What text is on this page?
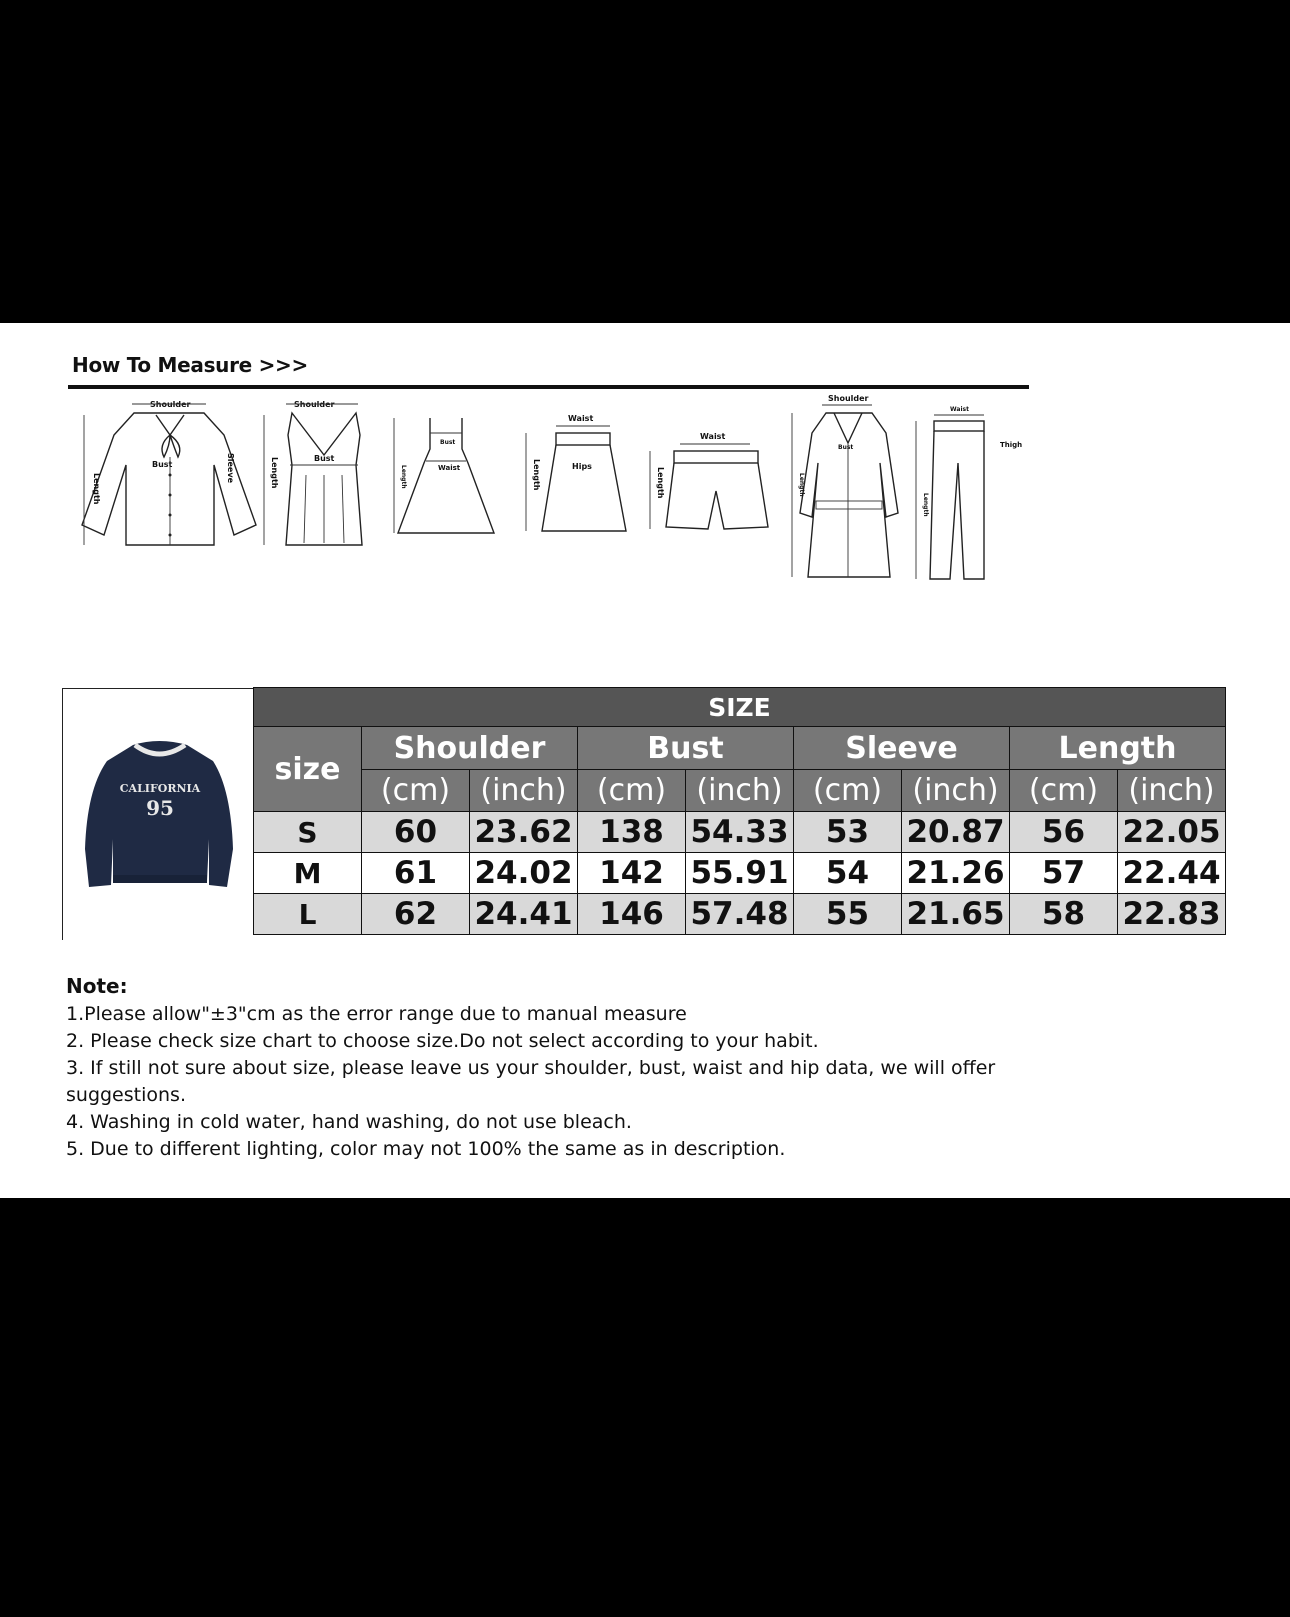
How To Measure >>>
Shoulder
Bust
Length
Sleeve
Shoulder
Bust
Length
Bust
Waist
Length
Waist
Hips
Length
Waist
Length
Shoulder
Bust
Length
Waist
Thigh
Length
CALIFORNIA
95
SIZE								
size	Shoulder		Bust		Sleeve		Length	
	(cm)	(inch)	(cm)	(inch)	(cm)	(inch)	(cm)	(inch)
S	60	23.62	138	54.33	53	20.87	56	22.05
M	61	24.02	142	55.91	54	21.26	57	22.44
L	62	24.41	146	57.48	55	21.65	58	22.83
Note:
1.Please allow"±3"cm as the error range due to manual measure
2. Please check size chart to choose size.Do not select according to your habit.
3. If still not sure about size, please leave us your shoulder, bust, waist and hip data, we will offer suggestions.
4. Washing in cold water, hand washing, do not use bleach.
5. Due to different lighting, color may not 100% the same as in description.
